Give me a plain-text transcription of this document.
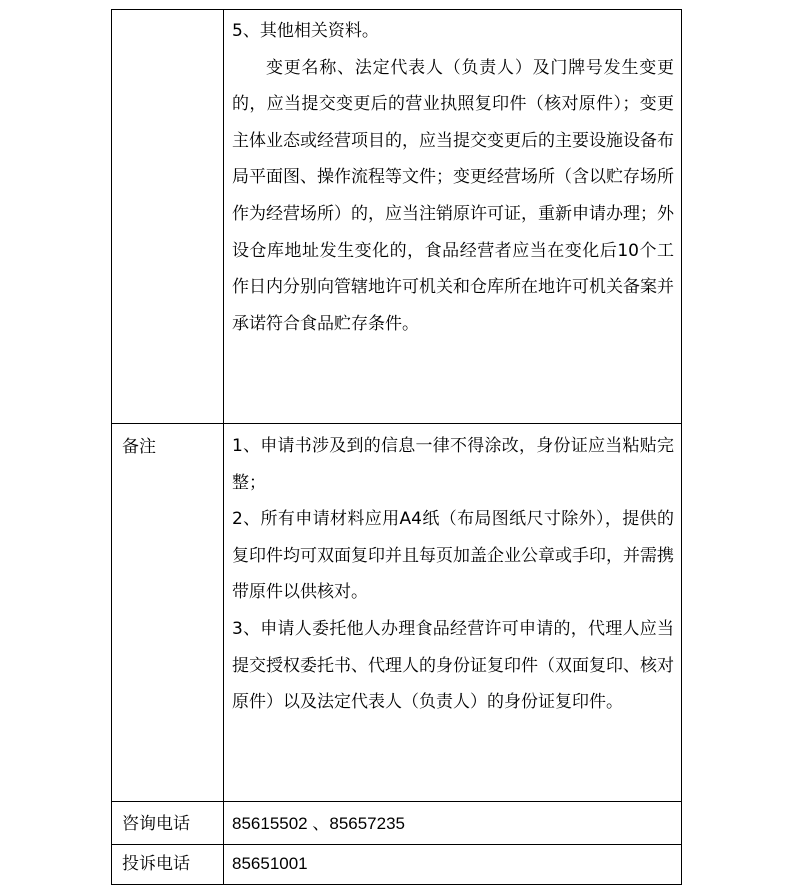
5、其他相关资料。

变更名称、法定代表人（负责人）及门牌号发生变更的，应当提交变更后的营业执照复印件（核对原件）；变更主体业态或经营项目的，应当提交变更后的主要设施设备布局平面图、操作流程等文件；变更经营场所（含以贮存场所作为经营场所）的，应当注销原许可证，重新申请办理；外设仓库地址发生变化的，食品经营者应当在变化后10个工作日内分别向管辖地许可机关和仓库所在地许可机关备案并承诺符合食品贮存条件。

备注	1、申请书涉及到的信息一律不得涂改，身份证应当粘贴完整；

2、所有申请材料应用A4纸（布局图纸尺寸除外），提供的复印件均可双面复印并且每页加盖企业公章或手印，并需携带原件以供核对。

3、申请人委托他人办理食品经营许可申请的，代理人应当提交授权委托书、代理人的身份证复印件（双面复印、核对原件）以及法定代表人（负责人）的身份证复印件。

咨询电话 85615502 、85657235
投诉电话 85651001
